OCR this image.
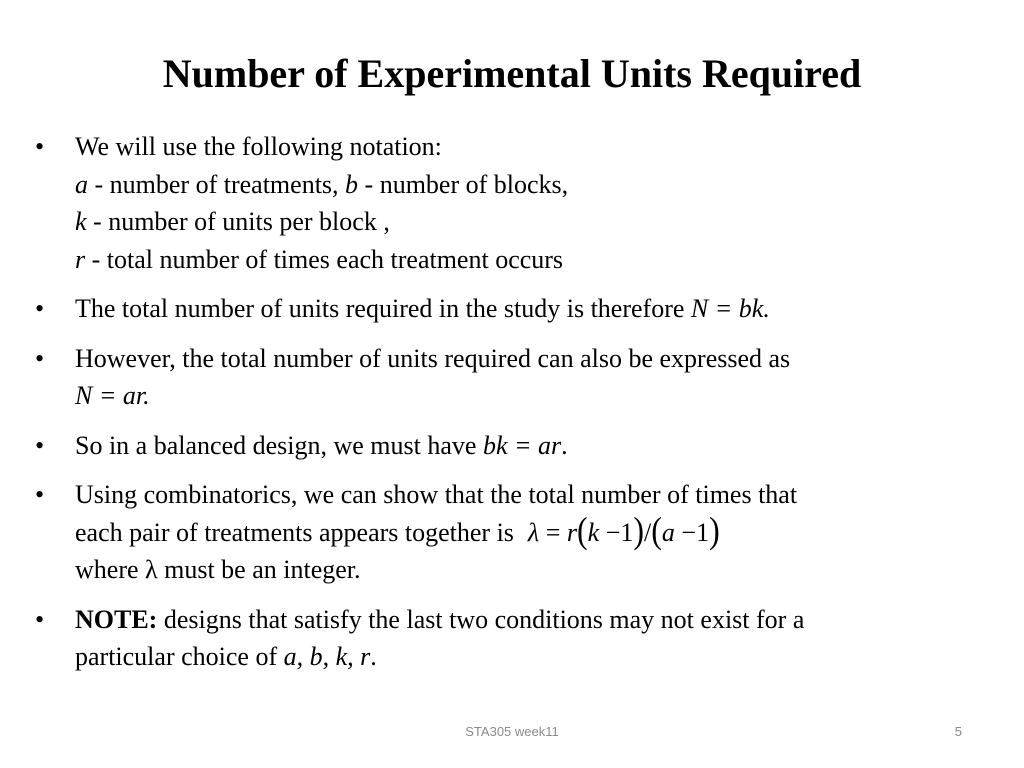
Number of Experimental Units Required
• We will use the following notation:
a - number of treatments, b - number of blocks,
k - number of units per block ,
r - total number of times each treatment occurs
• The total number of units required in the study is therefore N = bk.
• However, the total number of units required can also be expressed as
N = ar.
• So in a balanced design, we must have bk = ar.
• Using combinatorics, we can show that the total number of times that
each pair of treatments appears together is λ = r(k −1)/(a −1)
where λ must be an integer.
• NOTE: designs that satisfy the last two conditions may not exist for a
particular choice of a, b, k, r.
STA305 week11	5
